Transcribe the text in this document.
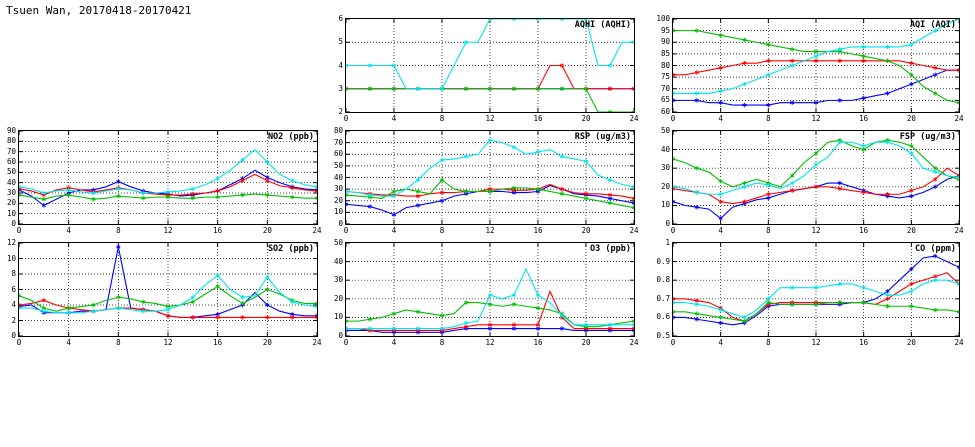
Tsuen Wan, 20170418-20170421
AQHI (AQHI)
2
3
4
5
6
0	4	8	12	16	20	24
AQI (AQI)
60
65
70
75
80
85
90
95
100
0	4	8	12	16	20	24
NO2 (ppb)
0
10
20
30
40
50
60
70
80
90
0	4	8	12	16	20	24
RSP (ug/m3)
0
10
20
30
40
50
60
70
80
0	4	8	12	16	20	24
FSP (ug/m3)
0
10
20
30
40
50
0	4	8	12	16	20	24
SO2 (ppb)
0
2
4
6
8
10
12
0	4	8	12	16	20	24
O3 (ppb)
0
10
20
30
40
50
0	4	8	12	16	20	24
CO (ppm)
0.5
0.6
0.7
0.8
0.9
1
0	4	8	12	16	20	24
